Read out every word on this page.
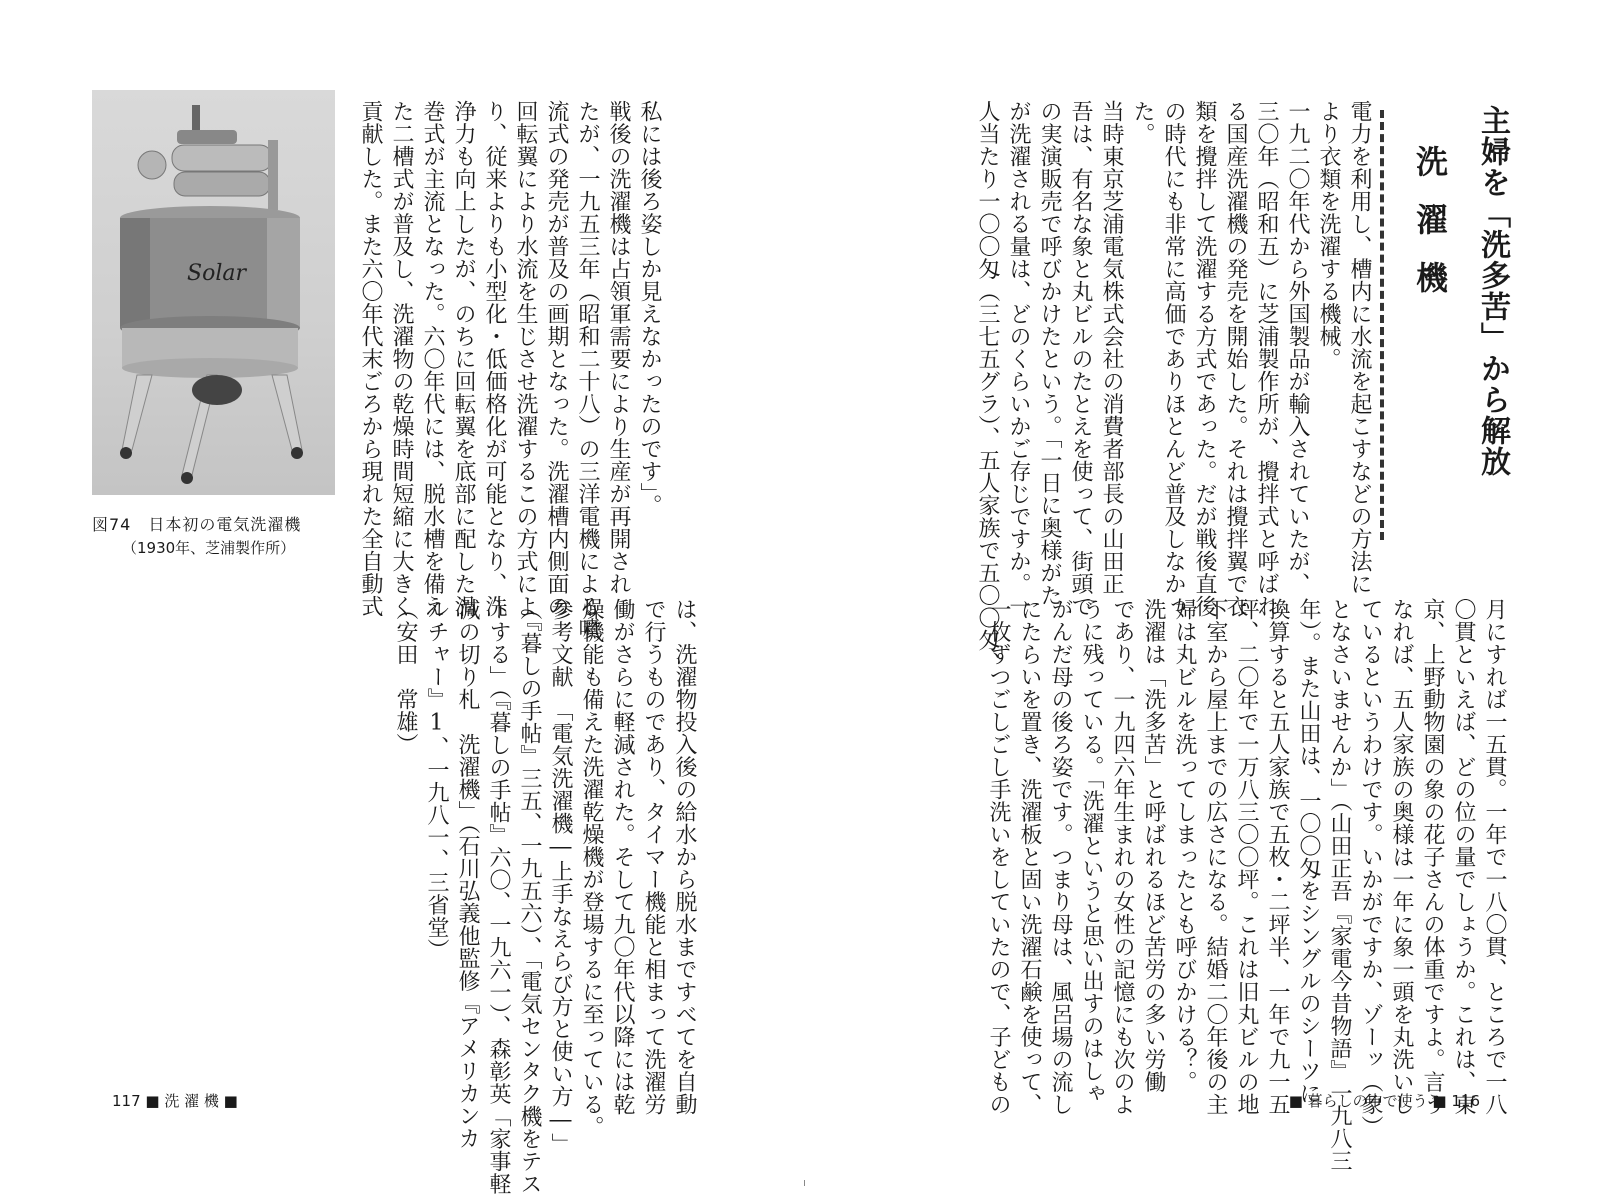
主婦を「洗多苦」から解放
洗濯機
電力を利用し、槽内に水流を起こすなどの方法に
より衣類を洗濯する機械。
一九二〇年代から外国製品が輸入されていたが、
三〇年（昭和五）に芝浦製作所が、攪拌式と呼ばれ
る国産洗濯機の発売を開始した。それは攪拌翼で衣
類を攪拌して洗濯する方式であった。だが戦後直後
の時代にも非常に高価でありほとんど普及しなかっ
た。
当時東京芝浦電気株式会社の消費者部長の山田正
吾は、有名な象と丸ビルのたとえを使って、街頭で
の実演販売で呼びかけたという。「一日に奥様がた
が洗濯される量は、どのくらいかご存じですか。一
人当たり一〇〇匁（三七五グラ）、五人家族で五〇〇匁、
月にすれば一五貫。一年で一八〇貫、ところで一八
〇貫といえば、どの位の量でしょうか。これは、東
京、上野動物園の象の花子さんの体重ですよ。言う
なれば、五人家族の奥様は一年に象一頭を丸洗いし
ているというわけです。いかがですか、ゾーッ（象）
となさいませんか」（山田正吾『家電今昔物語』一九八三
年）。また山田は、一〇〇匁をシングルのシーツに
換算すると五人家族で五枚・二坪半、一年で九一五
坪、二〇年で一万八三〇〇坪。これは旧丸ビルの地
下室から屋上までの広さになる。結婚二〇年後の主
婦は丸ビルを洗ってしまったとも呼びかける？。
洗濯は「洗多苦」と呼ばれるほど苦労の多い労働
であり、一九四六年生まれの女性の記憶にも次のよ
うに残っている。「洗濯というと思い出すのはしゃ
がんだ母の後ろ姿です。つまり母は、風呂場の流し
にたらいを置き、洗濯板と固い洗濯石鹸を使って、
一枚ずつごしごし手洗いをしていたので、子どもの	■ 暮らしの中で使う ■ 116
私には後ろ姿しか見えなかったのです」。
戦後の洗濯機は占領軍需要により生産が再開され
たが、一九五三年（昭和二十八）の三洋電機による噴
流式の発売が普及の画期となった。洗濯槽内側面の
回転翼により水流を生じさせ洗濯するこの方式によ
り、従来よりも小型化・低価格化が可能となり、洗
浄力も向上したが、のちに回転翼を底部に配した渦
巻式が主流となった。六〇年代には、脱水槽を備え
た二槽式が普及し、洗濯物の乾燥時間短縮に大きく
貢献した。また六〇年代末ごろから現れた全自動式
は、洗濯物投入後の給水から脱水まですべてを自動
で行うものであり、タイマー機能と相まって洗濯労
働がさらに軽減された。そして九〇年代以降には乾
燥機能も備えた洗濯乾燥機が登場するに至っている。
参考文献　「電気洗濯機―上手なえらび方と使い方―」
（『暮しの手帖』三五、一九五六）、「電気センタク機をテス
トする」（『暮しの手帖』六〇、一九六一）、森彰英「家事軽
減の切り札　洗濯機」（石川弘義他監修『アメリカンカ
ルチャー』1、一九八一、三省堂）
（安田　常雄）
Solar
図74　日本初の電気洗濯機
（1930年、芝浦製作所）
117 ■ 洗 濯 機 ■
